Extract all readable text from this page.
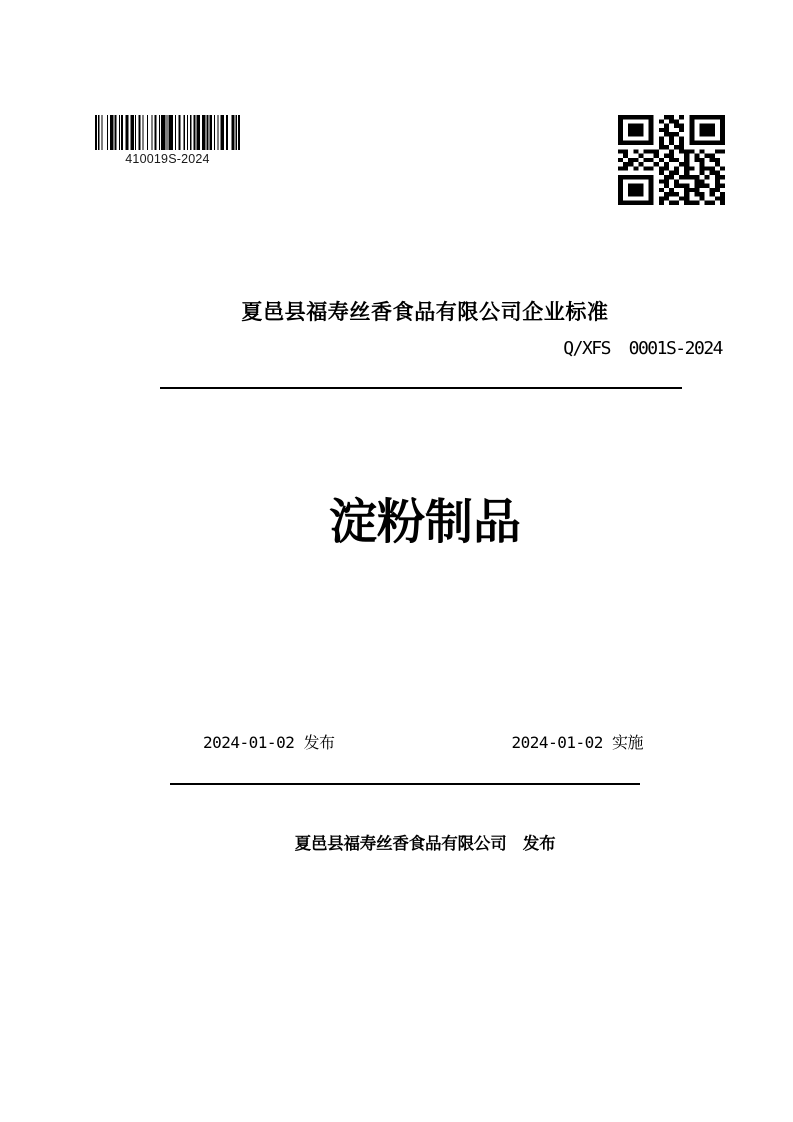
410019S-2024
夏邑县福寿丝香食品有限公司企业标准
Q/XFS  0001S-2024
淀粉制品
2024-01-02 发布	2024-01-02 实施
夏邑县福寿丝香食品有限公司　发布
